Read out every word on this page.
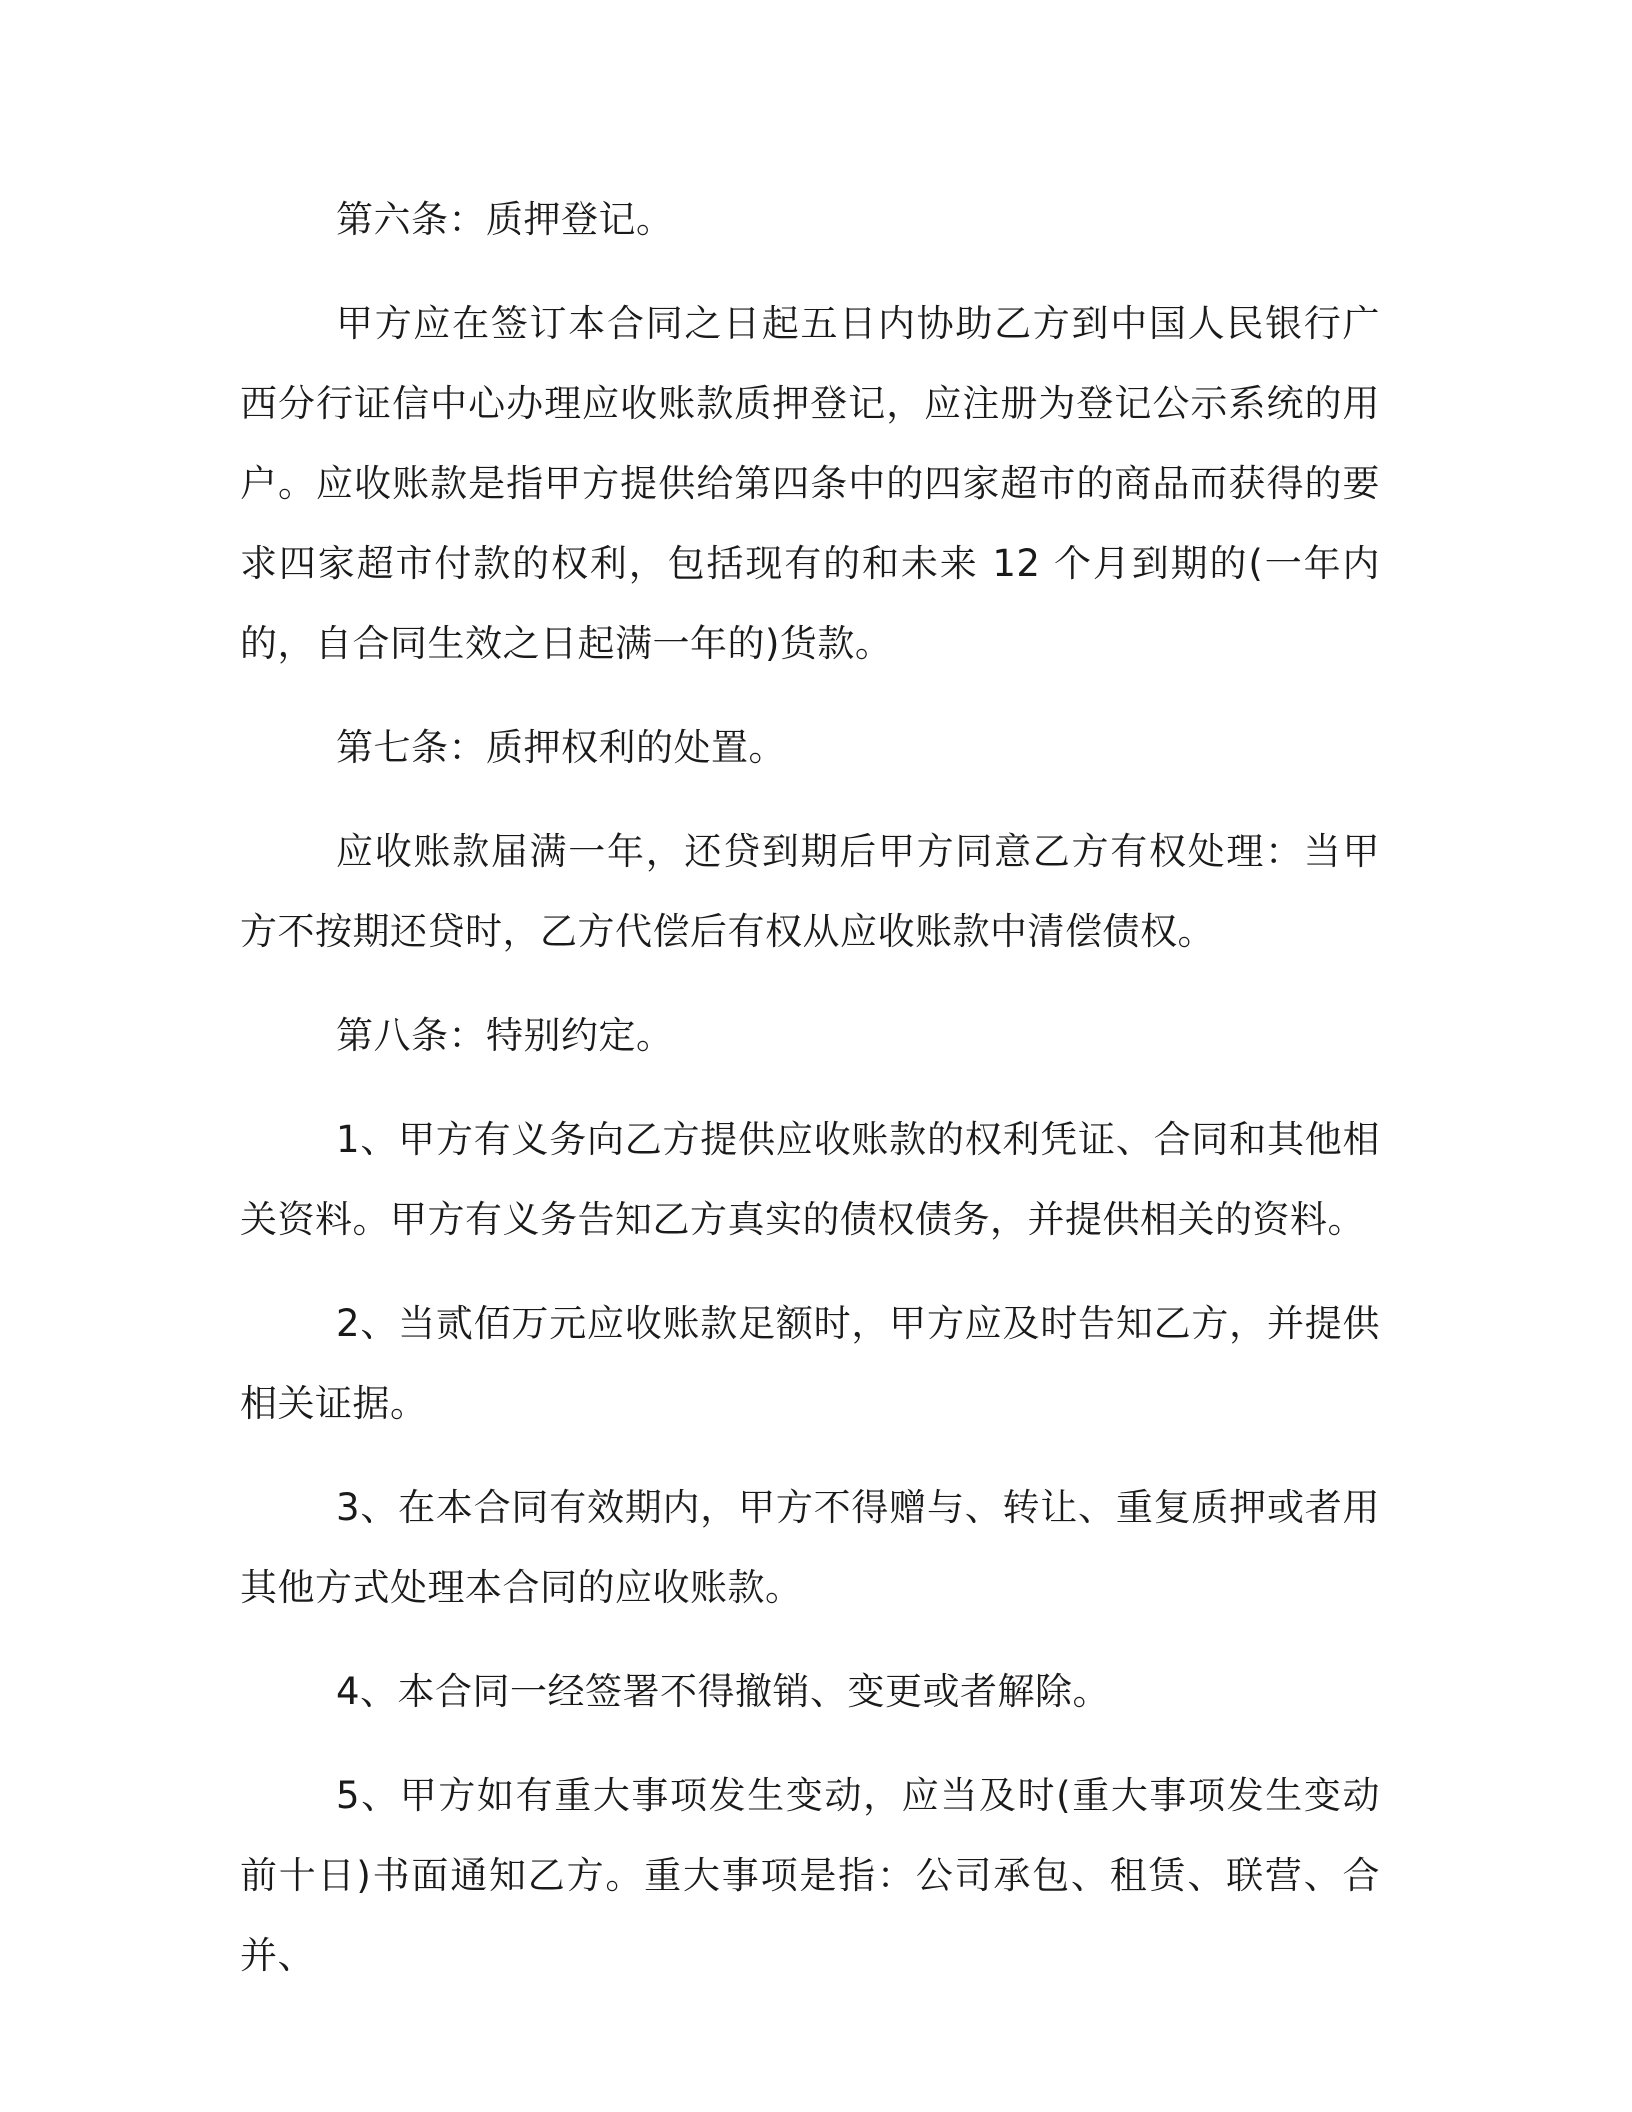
第六条：质押登记。

甲方应在签订本合同之日起五日内协助乙方到中国人民银行广西分行证信中心办理应收账款质押登记，应注册为登记公示系统的用户。应收账款是指甲方提供给第四条中的四家超市的商品而获得的要求四家超市付款的权利，包括现有的和未来 12 个月到期的(一年内的，自合同生效之日起满一年的)货款。

第七条：质押权利的处置。

应收账款届满一年，还贷到期后甲方同意乙方有权处理：当甲方不按期还贷时，乙方代偿后有权从应收账款中清偿债权。

第八条：特别约定。

1、甲方有义务向乙方提供应收账款的权利凭证、合同和其他相关资料。甲方有义务告知乙方真实的债权债务，并提供相关的资料。

2、当贰佰万元应收账款足额时，甲方应及时告知乙方，并提供相关证据。

3、在本合同有效期内，甲方不得赠与、转让、重复质押或者用其他方式处理本合同的应收账款。

4、本合同一经签署不得撤销、变更或者解除。

5、甲方如有重大事项发生变动，应当及时(重大事项发生变动前十日)书面通知乙方。重大事项是指：公司承包、租赁、联营、合并、
